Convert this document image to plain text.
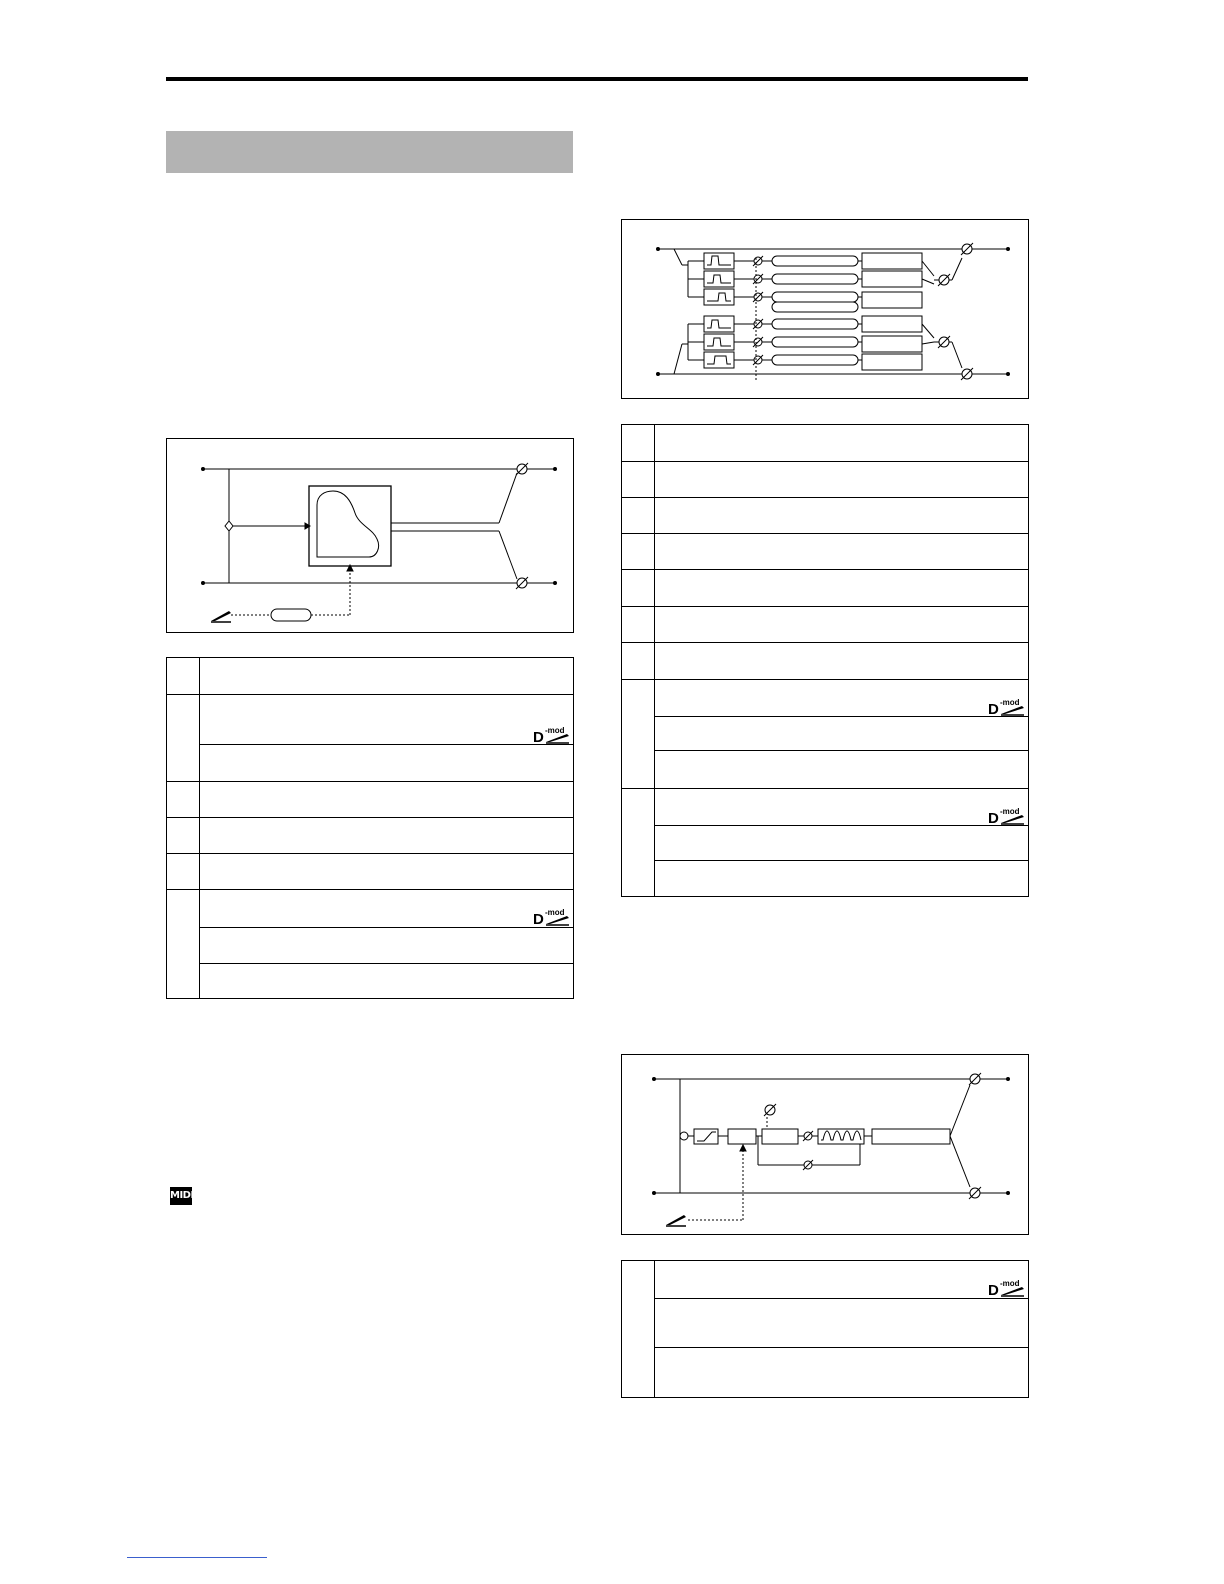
D -mod
D -mod
MIDI
D -mod
D -mod
D -mod
